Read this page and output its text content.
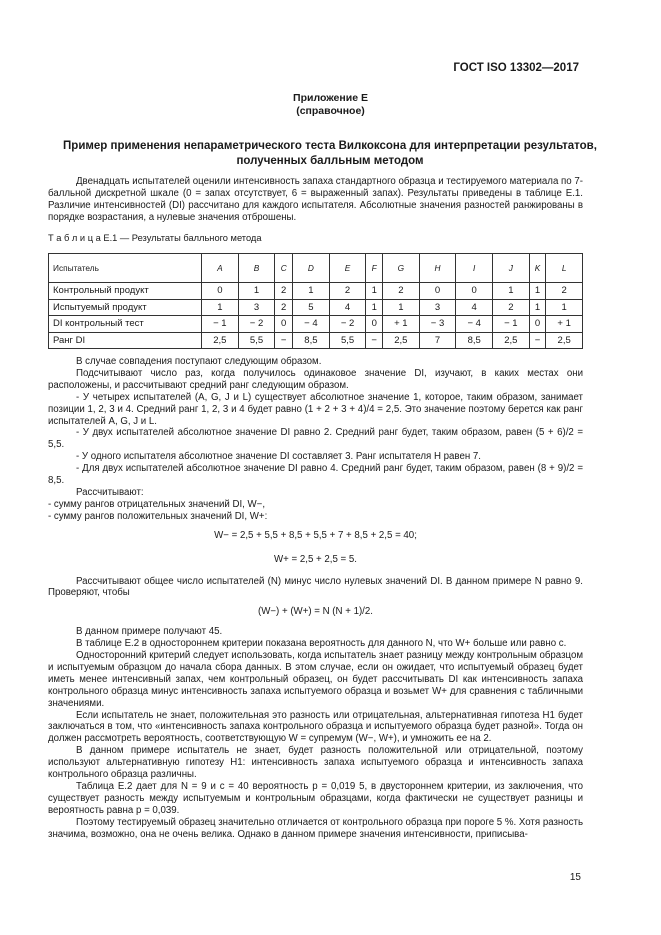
ГОСТ ISO 13302—2017
Приложение Е
(справочное)
Пример применения непараметрического теста Вилкоксона для интерпретации результатов,
полученных балльным методом

Двенадцать испытателей оценили интенсивность запаха стандартного образца и тестируемого материала по 7-балльной дискретной шкале (0 = запах отсутствует, 6 = выраженный запах). Результаты приведены в таблице Е.1. Различие интенсивностей (DI) рассчитано для каждого испытателя. Абсолютные значения разностей ранжированы в порядке возрастания, а нулевые значения отброшены.

Т а б л и ц а Е.1 — Результаты балльного метода
Испытатель	A	B	C	D	E	F	G	H	I	J	K	L
Контрольный продукт	0	1	2	1	2	1	2	0	0	1	1	2
Испытуемый продукт	1	3	2	5	4	1	1	3	4	2	1	1
DI контрольный тест	− 1	− 2	0	− 4	− 2	0	+ 1	− 3	− 4	− 1	0	+ 1
Ранг DI	2,5	5,5	−	8,5	5,5	−	2,5	7	8,5	2,5	−	2,5

В случае совпадения поступают следующим образом.

Подсчитывают число раз, когда получилось одинаковое значение DI, изучают, в каких местах они расположены, и рассчитывают средний ранг следующим образом.

- У четырех испытателей (A, G, J и L) существует абсолютное значение 1, которое, таким образом, занимает позиции 1, 2, 3 и 4. Средний ранг 1, 2, 3 и 4 будет равно (1 + 2 + 3 + 4)/4 = 2,5. Это значение поэтому берется как ранг испытателей A, G, J и L.

- У двух испытателей абсолютное значение DI равно 2. Средний ранг будет, таким образом, равен (5 + 6)/2 = 5,5.

- У одного испытателя абсолютное значение DI составляет 3. Ранг испытателя H равен 7.

- Для двух испытателей абсолютное значение DI равно 4. Средний ранг будет, таким образом, равен (8 + 9)/2 = 8,5.

Рассчитывают:

- сумму рангов отрицательных значений DI, W−,

- сумму рангов положительных значений DI, W+:

W− = 2,5 + 5,5 + 8,5 + 5,5 + 7 + 8,5 + 2,5 = 40;

W+ = 2,5 + 2,5 = 5.

Рассчитывают общее число испытателей (N) минус число нулевых значений DI. В данном примере N равно 9. Проверяют, чтобы

(W−) + (W+) = N (N + 1)/2.

В данном примере получают 45.

В таблице Е.2 в одностороннем критерии показана вероятность для данного N, что W+ больше или равно c.

Односторонний критерий следует использовать, когда испытатель знает разницу между контрольным образцом и испытуемым образцом до начала сбора данных. В этом случае, если он ожидает, что испытуемый образец будет иметь менее интенсивный запах, чем контрольный образец, он будет рассчитывать DI как интенсивность запаха контрольного образца минус интенсивность запаха испытуемого образца и возьмет W+ для сравнения с табличными значениями.

Если испытатель не знает, положительная это разность или отрицательная, альтернативная гипотеза H1 будет заключаться в том, что «интенсивность запаха контрольного образца и испытуемого образца будет разной». Тогда он должен рассмотреть вероятность, соответствующую W = супремум (W−, W+), и умножить ее на 2.

В данном примере испытатель не знает, будет разность положительной или отрицательной, поэтому используют альтернативную гипотезу H1: интенсивность запаха испытуемого образца и интенсивность запаха контрольного образца различны.

Таблица Е.2 дает для N = 9 и c = 40 вероятность p = 0,019 5, в двустороннем критерии, из заключения, что существует разность между испытуемым и контрольным образцами, когда фактически не существует разницы и вероятность равна p = 0,039.

Поэтому тестируемый образец значительно отличается от контрольного образца при пороге 5 %. Хотя разность значима, возможно, она не очень велика. Однако в данном примере значения интенсивности, приписыва-

15
